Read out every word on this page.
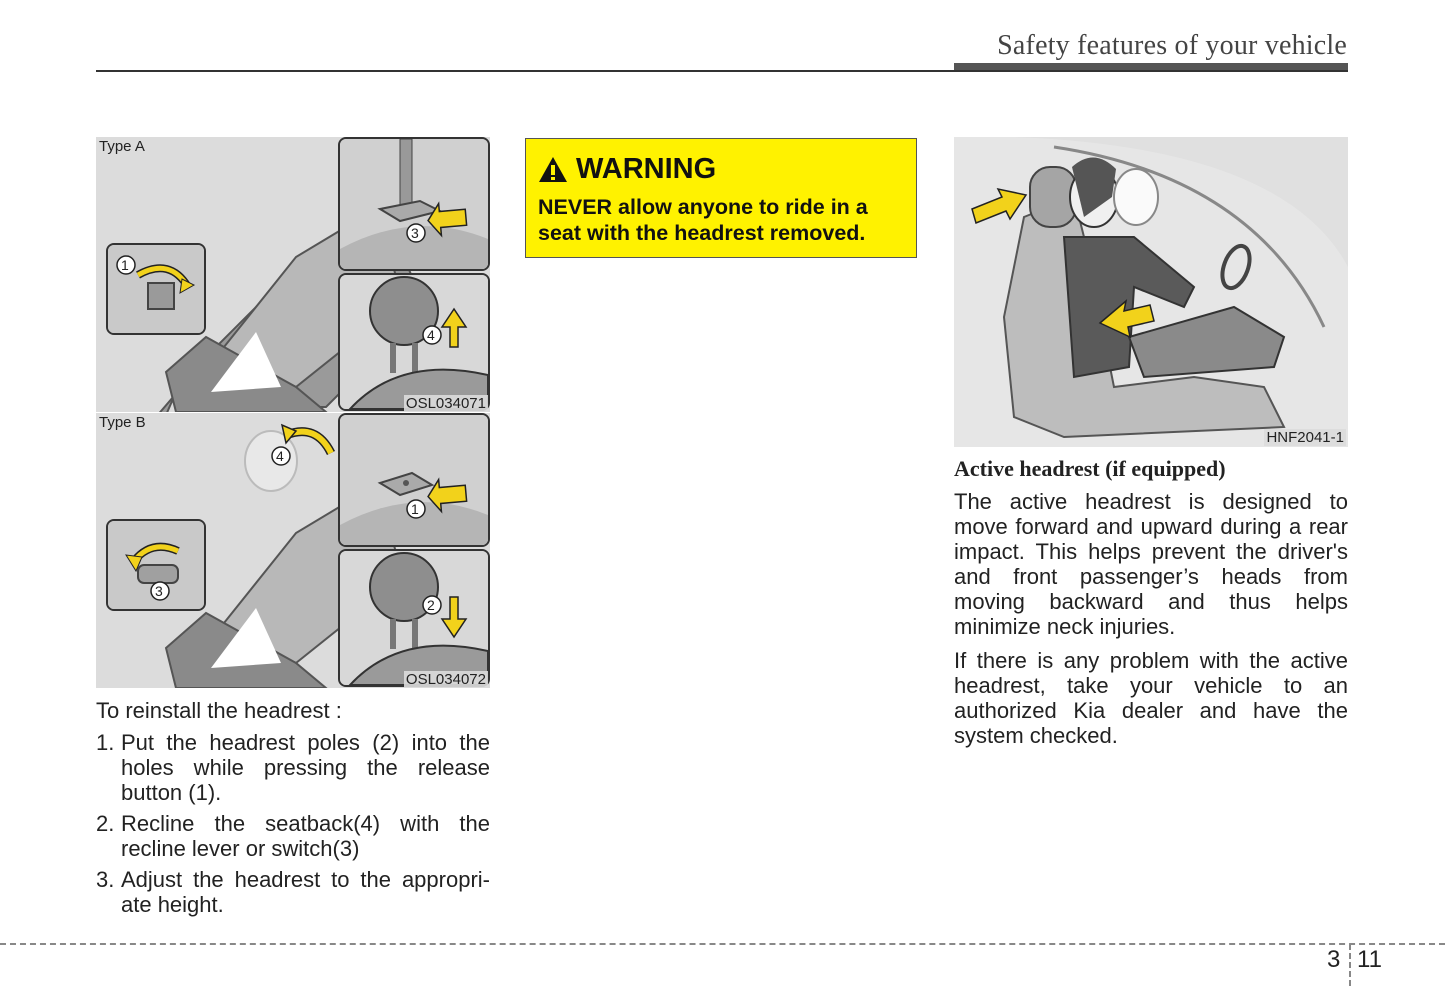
Safety features of your vehicle
1
3
4
Type A
OSL034071
4
3
1
2
Type B
OSL034072
To reinstall the headrest :
1. Put the headrest poles (2) into the holes while pressing the release button (1).
2. Recline the seatback(4) with the recline lever or switch(3)
3. Adjust the headrest to the appropri-ate height.
WARNING
NEVER allow anyone to ride in a seat with the headrest removed.
HNF2041-1
Active headrest (if equipped)
The active headrest is designed to move forward and upward during a rear impact. This helps prevent the driver's and front passenger’s heads from moving backward and thus helps minimize neck injuries.
If there is any problem with the active headrest, take your vehicle to an authorized Kia dealer and have the system checked.
3 11
